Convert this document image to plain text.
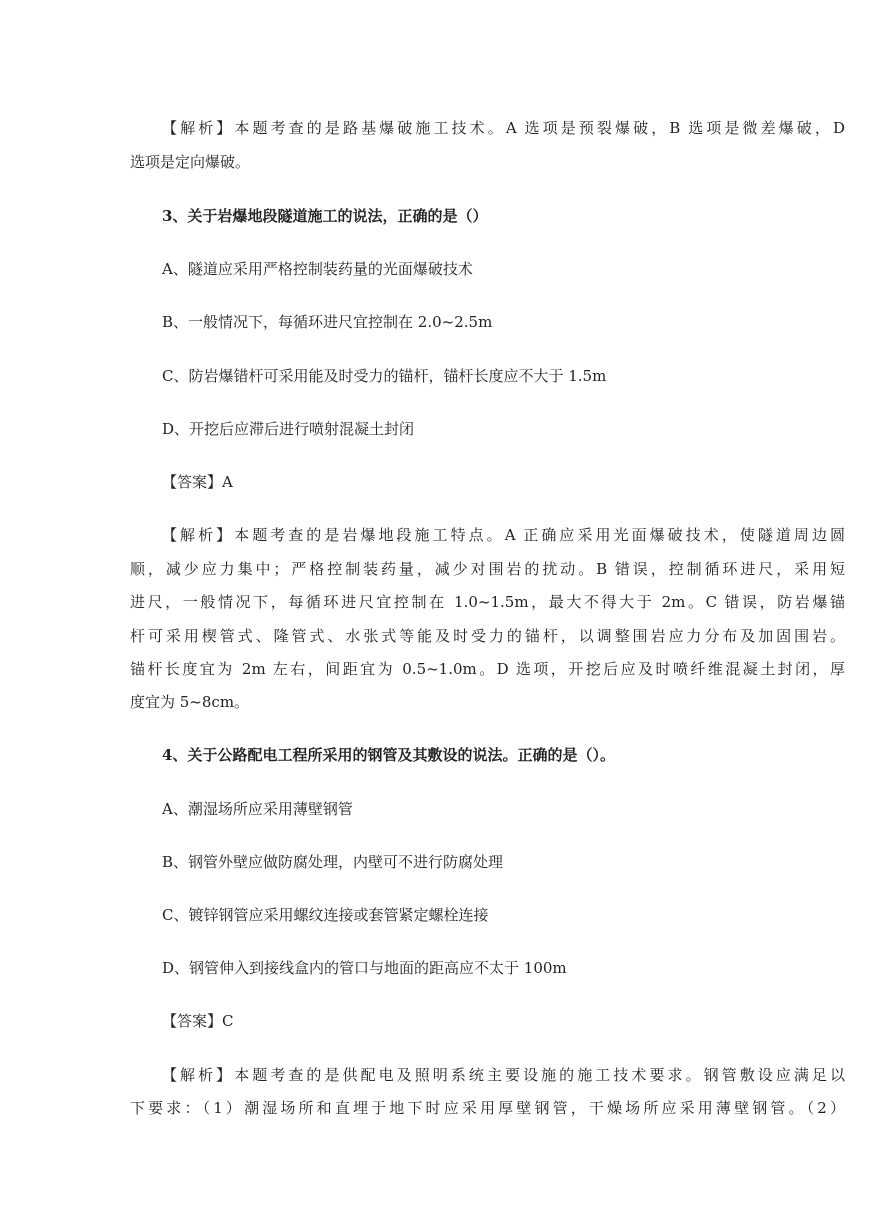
【解析】本题考查的是路基爆破施工技术。A 选项是预裂爆破，B 选项是微差爆破，D
选项是定向爆破。
3、关于岩爆地段隧道施工的说法，正确的是（）
A、隧道应采用严格控制装药量的光面爆破技术
B、一般情况下，每循环进尺宜控制在 2.0~2.5m
C、防岩爆错杆可采用能及时受力的锚杆，锚杆长度应不大于 1.5m
D、开挖后应滞后进行喷射混凝土封闭
【答案】A
【解析】本题考查的是岩爆地段施工特点。A 正确应采用光面爆破技术，使隧道周边圆
顺，减少应力集中；严格控制装药量，减少对围岩的扰动。B 错误，控制循环进尺，采用短
进尺，一般情况下，每循环进尺宜控制在 1.0~1.5m，最大不得大于 2m。C 错误，防岩爆锚
杆可采用楔管式、隆管式、水张式等能及时受力的锚杆，以调整围岩应力分布及加固围岩。
锚杆长度宜为 2m 左右，间距宜为 0.5~1.0m。D 选项，开挖后应及时喷纤维混凝土封闭，厚
度宜为 5~8cm。
4、关于公路配电工程所采用的钢管及其敷设的说法。正确的是（）。
A、潮湿场所应采用薄壁钢管
B、钢管外壁应做防腐处理，内壁可不进行防腐处理
C、镀锌钢管应采用螺纹连接或套管紧定螺栓连接
D、钢管伸入到接线盒内的管口与地面的距高应不太于 100m
【答案】C
【解析】本题考查的是供配电及照明系统主要设施的施工技术要求。钢管敷设应满足以
下要求：（1）潮湿场所和直埋于地下时应采用厚壁钢管，干燥场所应采用薄壁钢管。（2）
